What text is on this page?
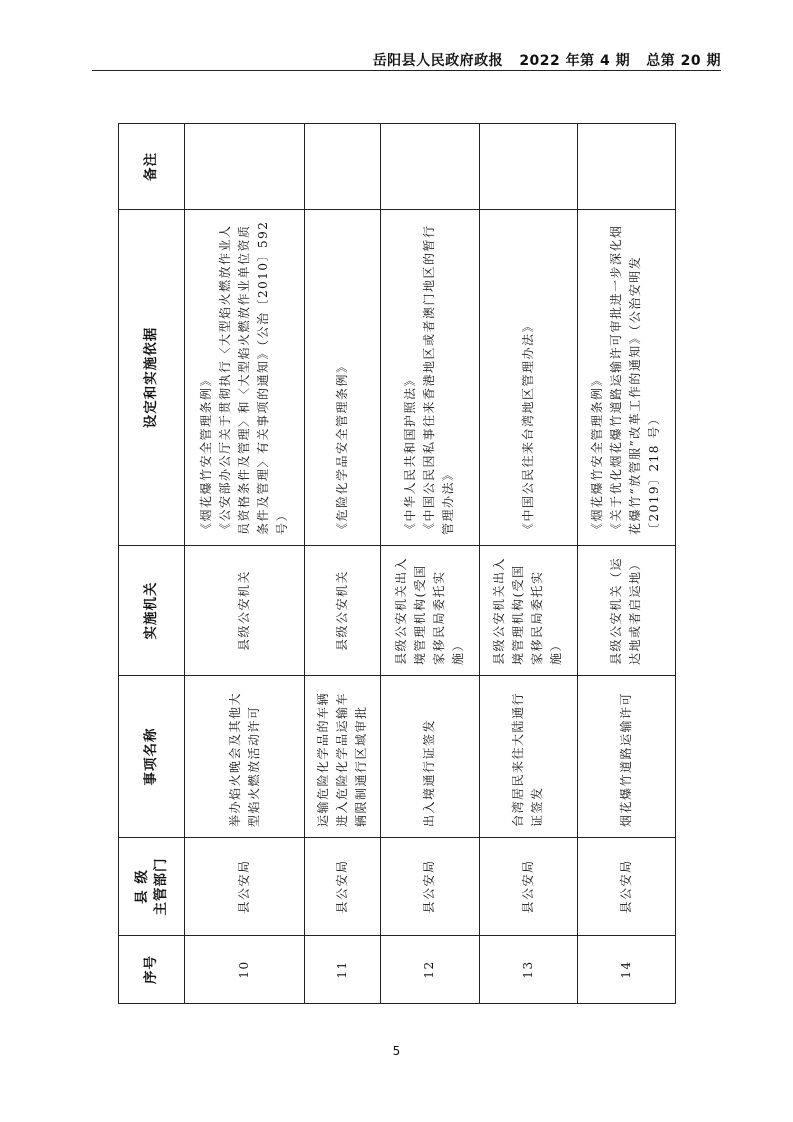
岳阳县人民政府政报 2022 年第 4 期 总第 20 期
序号	县 级 主管部门	事项名称	实施机关	设定和实施依据	备注
10	县公安局	举办焰火晚会及其他大型焰火燃放活动许可	县级公安机关	《烟花爆竹安全管理条例》 《公安部办公厅关于贯彻执行〈大型焰火燃放作业人员资格条件及管理〉和〈大型焰火燃放作业单位资质条件及管理〉有关事项的通知》（公治〔2010〕592 号）	

11	县公安局	运输危险化学品的车辆进入危险化学品运输车辆限制通行区域审批	县级公安机关	《危险化学品安全管理条例》	

12	县公安局	出入境通行证签发	县级公安机关出入境管理机构(受国家移民局委托实施）	《中华人民共和国护照法》 《中国公民因私事往来香港地区或者澳门地区的暂行管理办法》	

13	县公安局	台湾居民来往大陆通行证签发	县级公安机关出入境管理机构(受国家移民局委托实施）	《中国公民往来台湾地区管理办法》	

14	县公安局	烟花爆竹道路运输许可	县级公安机关（运达地或者启运地）	《烟花爆竹安全管理条例》 《关于优化烟花爆竹道路运输许可审批进一步深化烟花爆竹“放管服”改革工作的通知》（公治安明发〔2019〕218 号）	

5
